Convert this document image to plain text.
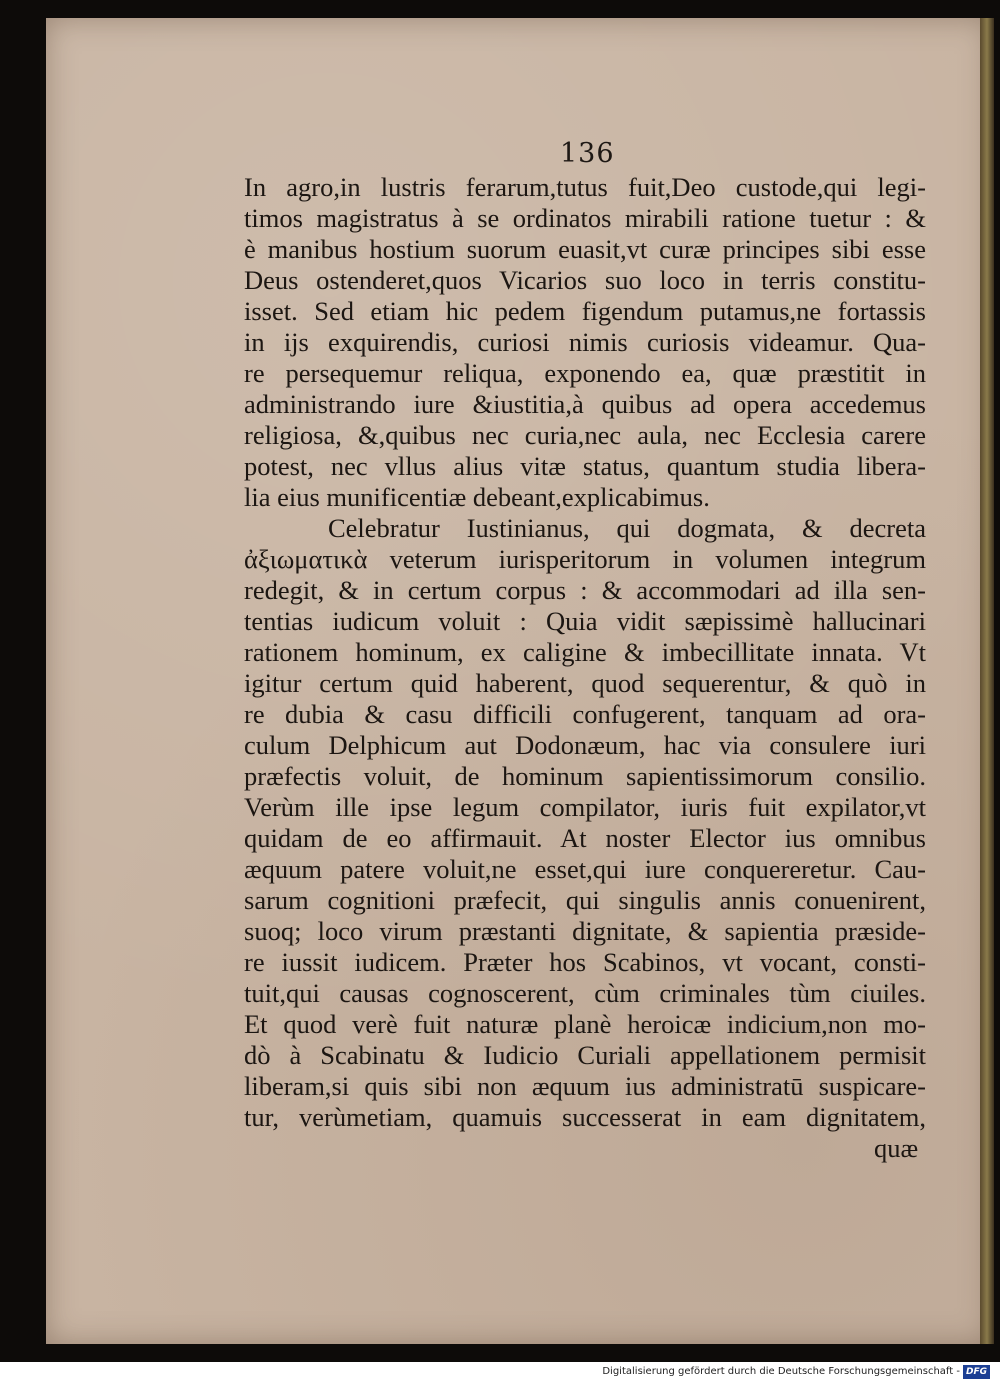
136
In agro,in lustris ferarum,tutus fuit,Deo custode,qui legi-
timos magistratus à se ordinatos mirabili ratione tuetur : &
è manibus hostium suorum euasit,vt curæ principes sibi esse
Deus ostenderet,quos Vicarios suo loco in terris constitu-
isset. Sed etiam hic pedem figendum putamus,ne fortassis
in ijs exquirendis, curiosi nimis curiosis videamur. Qua-
re persequemur reliqua, exponendo ea, quæ præstitit in
administrando iure &iustitia,à quibus ad opera accedemus
religiosa, &,quibus nec curia,nec aula, nec Ecclesia carere
potest, nec vllus alius vitæ status, quantum studia libera-
lia eius munificentiæ debeant,explicabimus.
Celebratur Iustinianus, qui dogmata, & decreta
ἀξιωματικὰ veterum iurisperitorum in volumen integrum
redegit, & in certum corpus : & accommodari ad illa sen-
tentias iudicum voluit : Quia vidit sæpissimè hallucinari
rationem hominum, ex caligine & imbecillitate innata. Vt
igitur certum quid haberent, quod sequerentur, & quò in
re dubia & casu difficili confugerent, tanquam ad ora-
culum Delphicum aut Dodonæum, hac via consulere iuri
præfectis voluit, de hominum sapientissimorum consilio.
Verùm ille ipse legum compilator, iuris fuit expilator,vt
quidam de eo affirmauit. At noster Elector ius omnibus
æquum patere voluit,ne esset,qui iure conquereretur. Cau-
sarum cognitioni præfecit, qui singulis annis conuenirent,
suoq; loco virum præstanti dignitate, & sapientia præside-
re iussit iudicem. Præter hos Scabinos, vt vocant, consti-
tuit,qui causas cognoscerent, cùm criminales tùm ciuiles.
Et quod verè fuit naturæ planè heroicæ indicium,non mo-
dò à Scabinatu & Iudicio Curiali appellationem permisit
liberam,si quis sibi non æquum ius administratū suspicare-
tur, verùmetiam, quamuis successerat in eam dignitatem,
quæ
Digitalisierung gefördert durch die Deutsche Forschungsgemeinschaft - DFG
